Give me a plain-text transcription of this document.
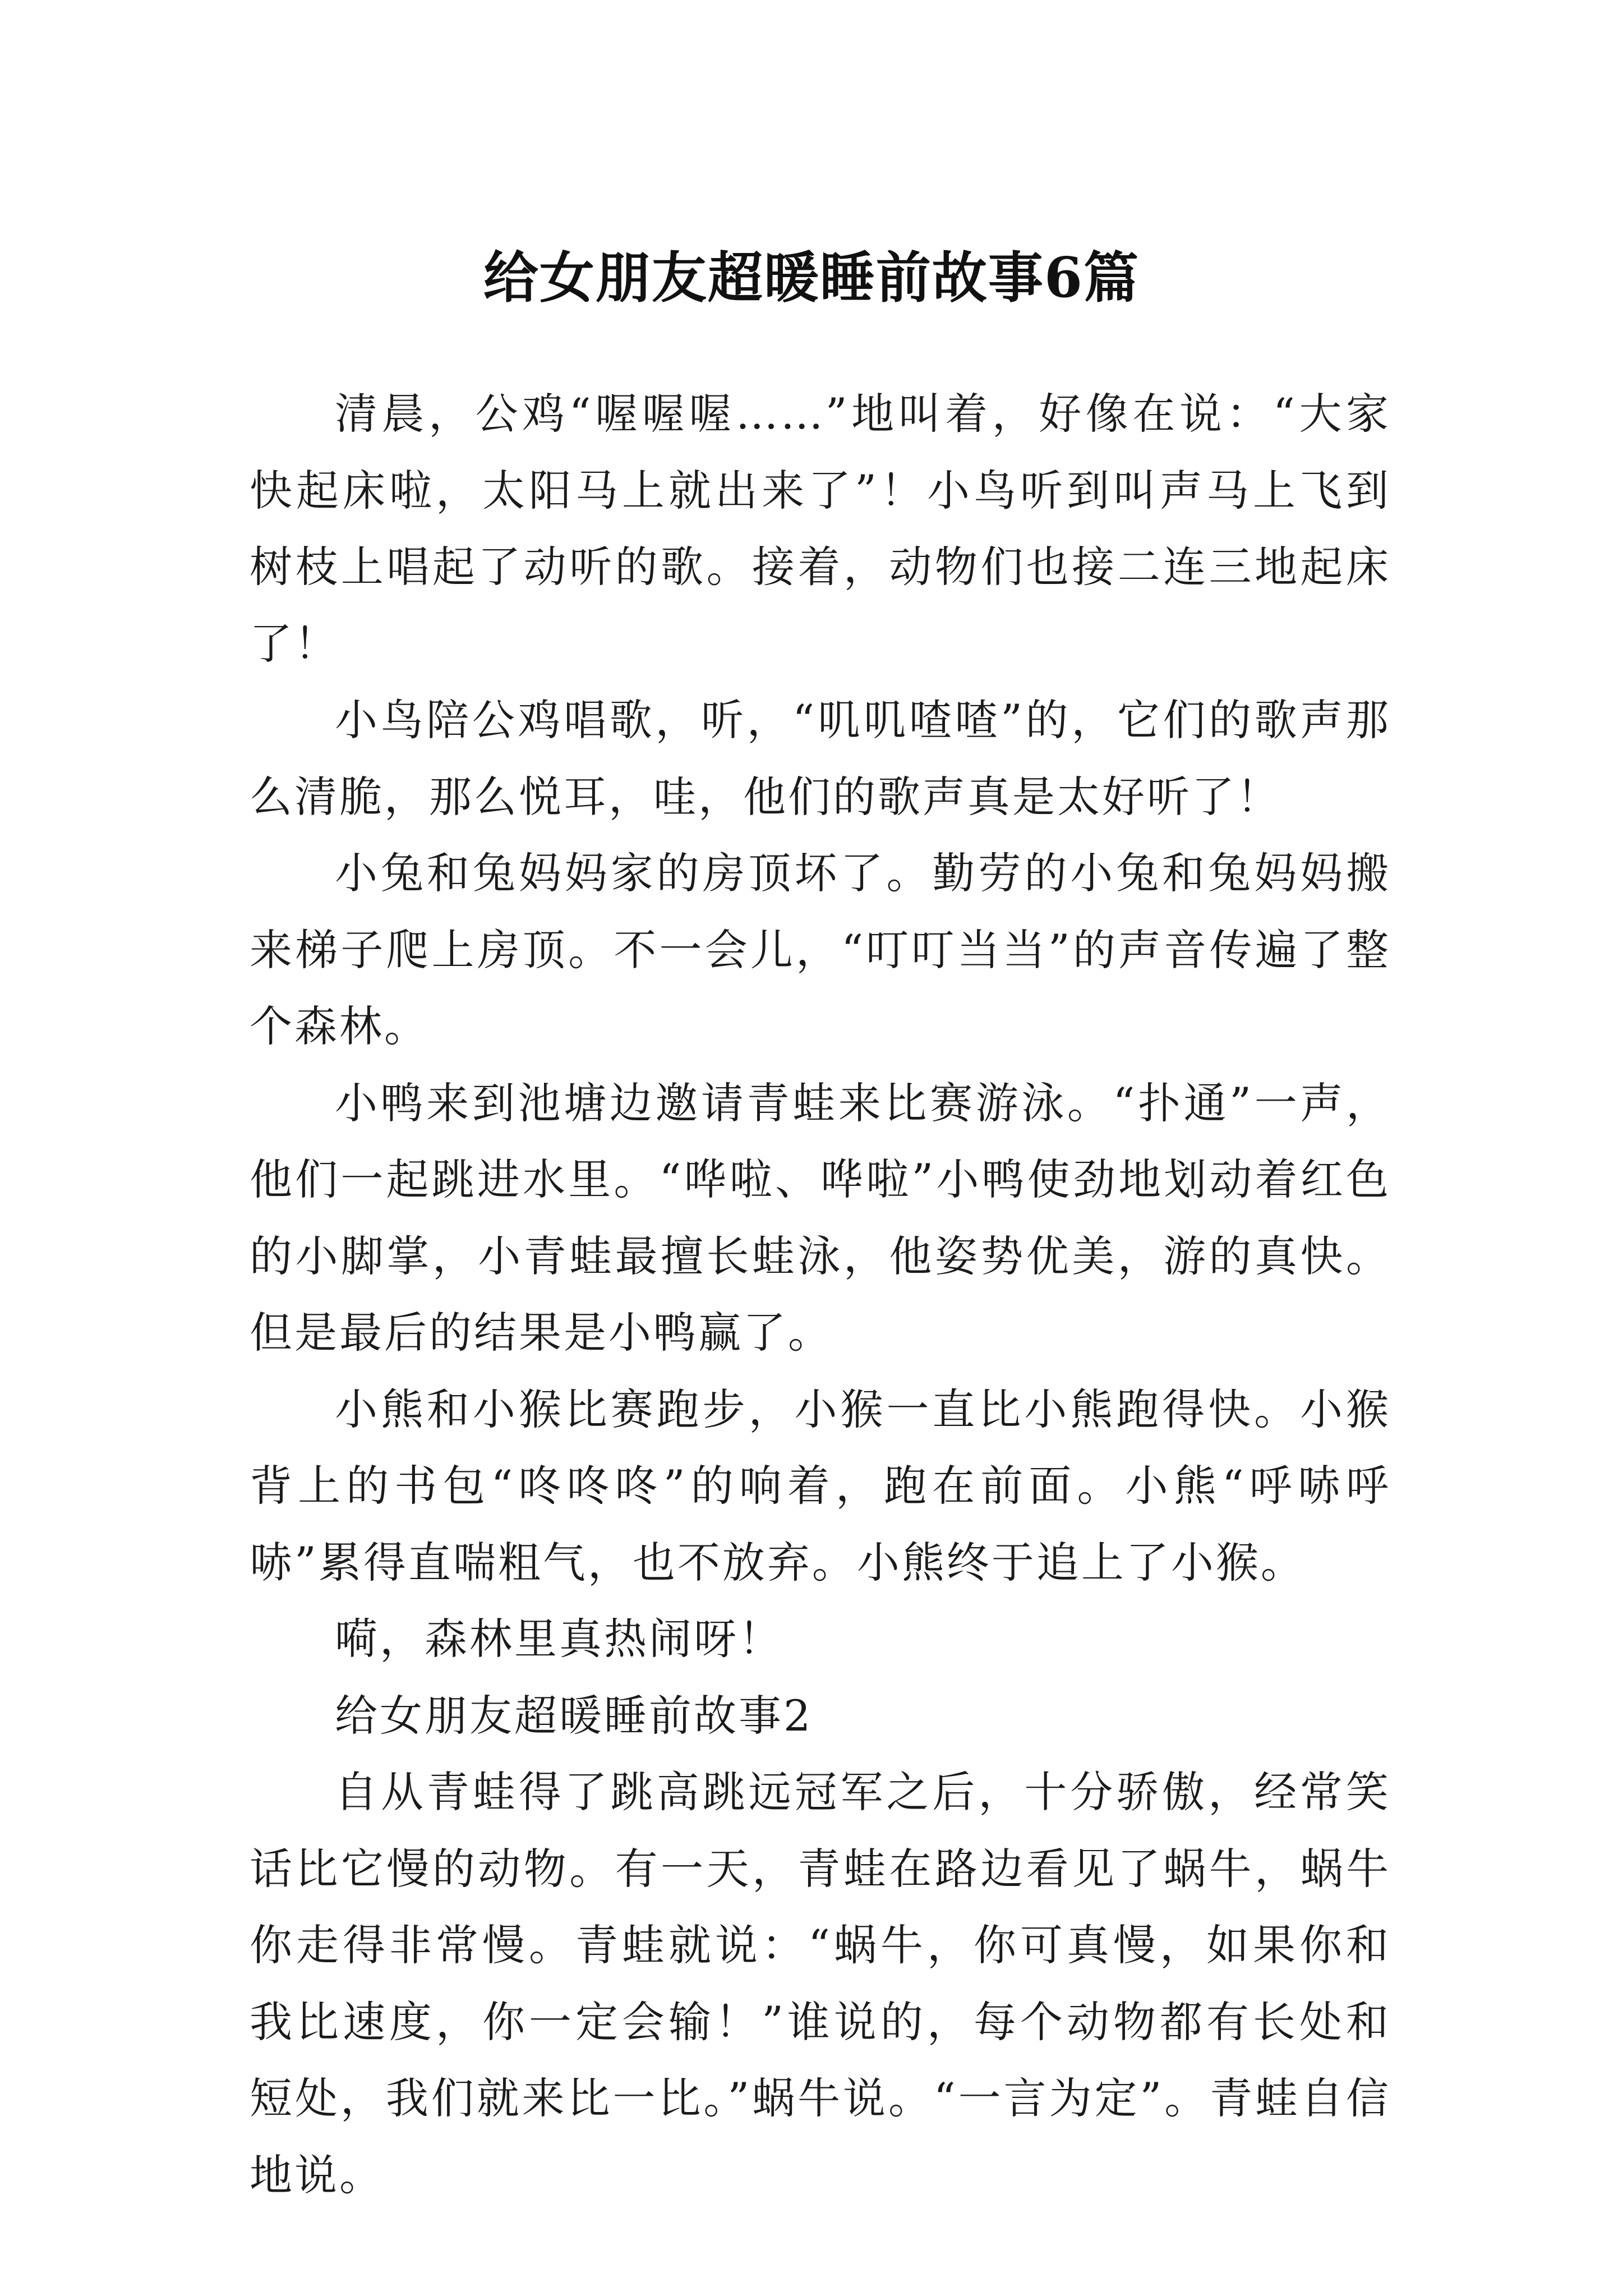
给女朋友超暖睡前故事6篇

清晨，公鸡“喔喔喔……”地叫着，好像在说：“大家快起床啦，太阳马上就出来了”！小鸟听到叫声马上飞到树枝上唱起了动听的歌。接着，动物们也接二连三地起床了！

小鸟陪公鸡唱歌，听，“叽叽喳喳”的，它们的歌声那么清脆，那么悦耳，哇，他们的歌声真是太好听了！

小兔和兔妈妈家的房顶坏了。勤劳的小兔和兔妈妈搬来梯子爬上房顶。不一会儿，“叮叮当当”的声音传遍了整个森林。

小鸭来到池塘边邀请青蛙来比赛游泳。“扑通”一声，他们一起跳进水里。“哗啦、哗啦”小鸭使劲地划动着红色的小脚掌，小青蛙最擅长蛙泳，他姿势优美，游的真快。但是最后的结果是小鸭赢了。

小熊和小猴比赛跑步，小猴一直比小熊跑得快。小猴背上的书包“咚咚咚”的响着，跑在前面。小熊“呼哧呼哧”累得直喘粗气，也不放弃。小熊终于追上了小猴。

嗬，森林里真热闹呀！

给女朋友超暖睡前故事2

自从青蛙得了跳高跳远冠军之后，十分骄傲，经常笑话比它慢的动物。有一天，青蛙在路边看见了蜗牛，蜗牛你走得非常慢。青蛙就说：“蜗牛，你可真慢，如果你和我比速度，你一定会输！”谁说的，每个动物都有长处和短处，我们就来比一比。”蜗牛说。“一言为定”。青蛙自信地说。
